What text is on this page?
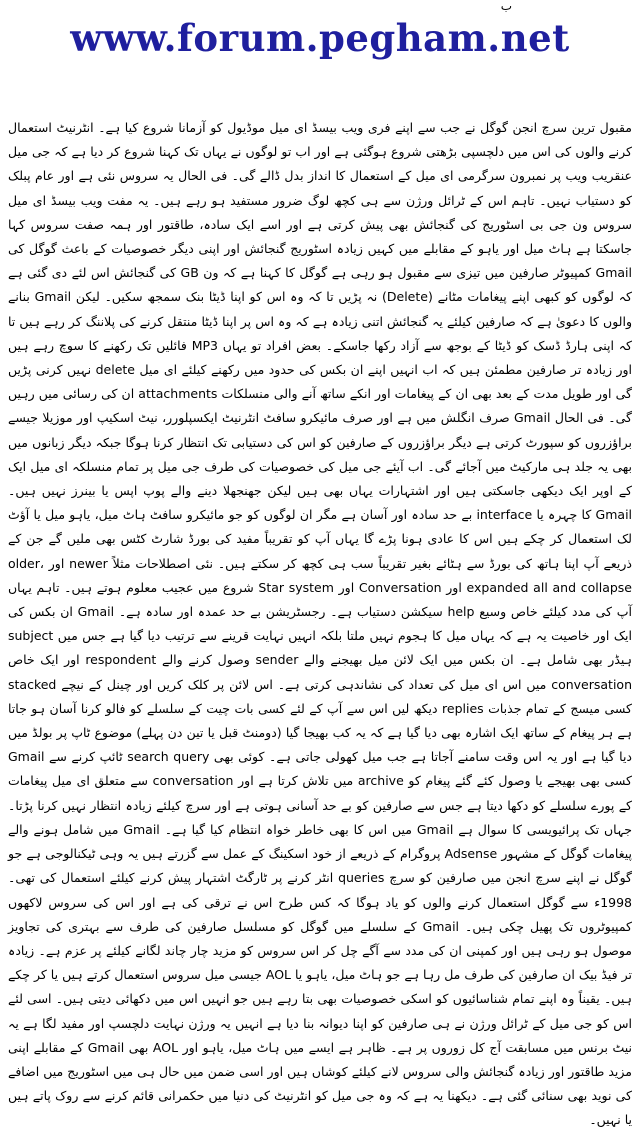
ب
www.forum.pegham.net

مقبول ترین سرچ انجن گوگل نے جب سے اپنے فری ویب بیسڈ ای میل موڈیول کو آزمانا شروع کیا ہے۔ انٹرنیٹ استعمال کرنے والوں کی اس میں دلچسپی بڑھتی شروع ہوگئی ہے اور اب تو لوگوں نے یہاں تک کہنا شروع کر دیا ہے کہ جی میل عنقریب ویب پر نمبرون سرگرمی ای میل کے استعمال کا انداز بدل ڈالے گی۔ فی الحال یہ سروس نئی ہے اور عام پبلک کو دستیاب نہیں۔ تاہم اس کے ٹرائل ورژن سے ہی کچھ لوگ ضرور مستفید ہو رہے ہیں۔ یہ مفت ویب بیسڈ ای میل سروس ون جی بی اسٹوریج کی گنجائش بھی پیش کرتی ہے اور اسے ایک سادہ، طاقتور اور ہمہ صفت سروس کہا جاسکتا ہے ہاٹ میل اور یاہو کے مقابلے میں کہیں زیادہ اسٹوریج گنجائش اور اپنی دیگر خصوصیات کے باعث گوگل کی Gmail کمپیوٹر صارفین میں تیزی سے مقبول ہو رہی ہے گوگل کا کہنا ہے کہ ون GB کی گنجائش اس لئے دی گئی ہے کہ لوگوں کو کبھی اپنے پیغامات مٹانے (Delete) نہ پڑیں تا کہ وہ اس کو اپنا ڈیٹا بنک سمجھ سکیں۔ لیکن Gmail بنانے والوں کا دعویٰ ہے کہ صارفین کیلئے یہ گنجائش اتنی زیادہ ہے کہ وہ اس پر اپنا ڈیٹا منتقل کرنے کی پلاننگ کر رہے ہیں تا کہ اپنی ہارڈ ڈسک کو ڈیٹا کے بوجھ سے آزاد رکھا جاسکے۔ بعض افراد تو یہاں MP3 فائلیں تک رکھنے کا سوچ رہے ہیں اور زیادہ تر صارفین مطمئن ہیں کہ اب انہیں اپنے ان بکس کی حدود میں رکھنے کیلئے ای میل delete نہیں کرنی پڑیں گی اور طویل مدت کے بعد بھی ان کے پیغامات اور انکے ساتھ آنے والی منسلکات attachments ان کی رسائی میں رہیں گی۔ فی الحال Gmail صرف انگلش میں ہے اور صرف مائیکرو سافٹ انٹرنیٹ ایکسپلورر، نیٹ اسکیپ اور موزیلا جیسے براؤزروں کو سپورٹ کرتی ہے دیگر براؤزروں کے صارفین کو اس کی دستیابی تک انتظار کرنا ہوگا جبکہ دیگر زبانوں میں بھی یہ جلد ہی مارکیٹ میں آجائے گی۔ اب آیئے جی میل کی خصوصیات کی طرف جی میل پر تمام منسلکہ ای میل ایک کے اوپر ایک دیکھی جاسکتی ہیں اور اشتہارات یہاں بھی ہیں لیکن جھنجھلا دینے والے پوپ اپس یا بینرز نہیں ہیں۔ Gmail کا چہرہ یا interface بے حد سادہ اور آسان ہے مگر ان لوگوں کو جو مائیکرو سافٹ ہاٹ میل، یاہو میل یا آؤٹ لک استعمال کر چکے ہیں اس کا عادی ہونا پڑے گا یہاں آپ کو تقریباً مفید کی بورڈ شارٹ کٹس بھی ملیں گے جن کے ذریعے آپ اپنا ہاتھ کی بورڈ سے ہٹائے بغیر تقریباً سب ہی کچھ کر سکتے ہیں۔ نئی اصطلاحات مثلاً newer اور older، expanded all and collapse اور Conversation اور Star system شروع میں عجیب معلوم ہوتے ہیں۔ تاہم یہاں آپ کی مدد کیلئے خاص وسیع help سیکشن دستیاب ہے۔ رجسٹریشن بے حد عمدہ اور سادہ ہے۔ Gmail ان بکس کی ایک اور خاصیت یہ ہے کہ یہاں میل کا ہجوم نہیں ملتا بلکہ انہیں نہایت قرینے سے ترتیب دیا گیا ہے جس میں subject ہیڈر بھی شامل ہے۔ ان بکس میں ایک لائن میل بھیجنے والے sender وصول کرنے والے respondent اور ایک خاص conversation میں اس ای میل کی تعداد کی نشاندہی کرتی ہے۔ اس لائن پر کلک کریں اور چینل کے نیچے stacked کسی میسج کے تمام جذبات replies دیکھ لیں اس سے آپ کے لئے کسی بات چیت کے سلسلے کو فالو کرنا آسان ہو جاتا ہے ہر پیغام کے ساتھ ایک اشارہ بھی دیا گیا ہے کہ یہ کب بھیجا گیا (دومنٹ قبل یا تین دن پہلے) موضوع ٹاپ پر بولڈ میں دیا گیا ہے اور یہ اس وقت سامنے آجاتا ہے جب میل کھولی جاتی ہے۔ کوئی بھی search query ٹائپ کرنے سے Gmail کسی بھی بھیجے یا وصول کئے گئے پیغام کو archive میں تلاش کرتا ہے اور conversation سے متعلق ای میل پیغامات کے پورے سلسلے کو دکھا دیتا ہے جس سے صارفین کو بے حد آسانی ہوتی ہے اور سرچ کیلئے زیادہ انتظار نہیں کرنا پڑتا۔ جہاں تک پرائیویسی کا سوال ہے Gmail میں اس کا بھی خاطر خواہ انتظام کیا گیا ہے۔ Gmail میں شامل ہونے والے پیغامات گوگل کے مشہور Adsense پروگرام کے ذریعے از خود اسکینگ کے عمل سے گزرتے ہیں یہ وہی ٹیکنالوجی ہے جو گوگل نے اپنے سرچ انجن میں صارفین کو سرچ queries انٹر کرنے پر ٹارگٹ اشتہار پیش کرنے کیلئے استعمال کی تھی۔ 1998ء سے گوگل استعمال کرنے والوں کو یاد ہوگا کہ کس طرح اس نے ترقی کی ہے اور اس کی سروس لاکھوں کمپیوٹروں تک پھیل چکی ہیں۔ Gmail کے سلسلے میں گوگل کو مسلسل صارفین کی طرف سے بہتری کی تجاویز موصول ہو رہی ہیں اور کمپنی ان کی مدد سے آگے چل کر اس سروس کو مزید چار چاند لگانے کیلئے پر عزم ہے۔ زیادہ تر فیڈ بیک ان صارفین کی طرف مل رہا ہے جو ہاٹ میل، یاہو یا AOL جیسی میل سروس استعمال کرتے ہیں یا کر چکے ہیں۔ یقیناً وہ اپنے تمام شناسائیوں کو اسکی خصوصیات بھی بتا رہے ہیں جو انہیں اس میں دکھائی دیتی ہیں۔ اسی لئے اس کو جی میل کے ٹرائل ورژن نے ہی صارفین کو اپنا دیوانہ بنا دیا ہے انہیں یہ ورژن نہایت دلچسپ اور مفید لگا ہے یہ نیٹ برنس میں مسابقت آج کل زوروں پر ہے۔ ظاہر ہے ایسے میں ہاٹ میل، یاہو اور AOL بھی Gmail کے مقابلے اپنی مزید طاقتور اور زیادہ گنجائش والی سروس لانے کیلئے کوشاں ہیں اور اسی ضمن میں حال ہی میں اسٹوریج میں اضافے کی نوید بھی سنائی گئی ہے۔ دیکھنا یہ ہے کہ وہ جی میل کو انٹرنیٹ کی دنیا میں حکمرانی قائم کرنے سے روک پاتے ہیں یا نہیں۔
